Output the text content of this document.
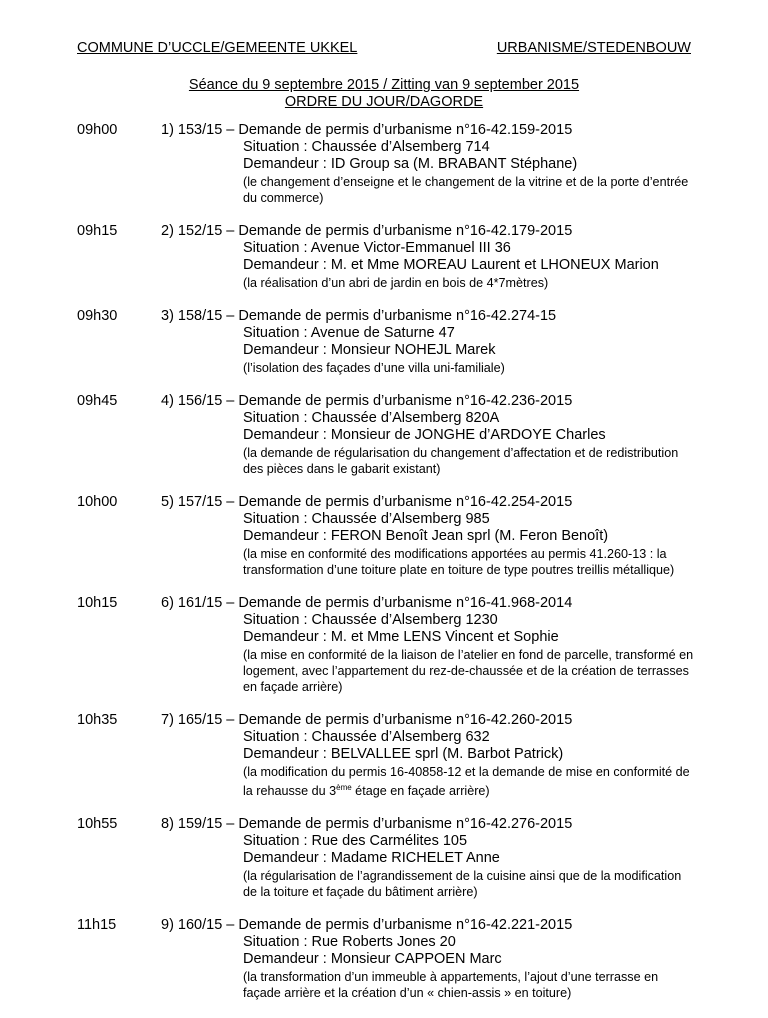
COMMUNE D’UCCLE/GEMEENTE UKKEL	URBANISME/STEDENBOUW
Séance du 9 septembre 2015 / Zitting van 9 september 2015
ORDRE DU JOUR/DAGORDE
09h00	1) 153/15 – Demande de permis d’urbanisme n°16-42.159-2015
Situation : Chaussée d’Alsemberg 714
Demandeur : ID Group sa (M. BRABANT Stéphane)
(le changement d’enseigne et le changement de la vitrine et de la porte d’entrée du commerce)
09h15	2) 152/15 – Demande de permis d’urbanisme n°16-42.179-2015
Situation : Avenue Victor-Emmanuel III 36
Demandeur : M. et Mme MOREAU Laurent et LHONEUX Marion
(la réalisation d’un abri de jardin en bois de 4*7mètres)
09h30	3) 158/15 – Demande de permis d’urbanisme n°16-42.274-15
Situation : Avenue de Saturne 47
Demandeur : Monsieur NOHEJL Marek
(l’isolation des façades d’une villa uni-familiale)
09h45	4) 156/15 – Demande de permis d’urbanisme n°16-42.236-2015
Situation : Chaussée d’Alsemberg 820A
Demandeur : Monsieur de JONGHE d’ARDOYE Charles
(la demande de régularisation du changement d’affectation et de redistribution des pièces dans le gabarit existant)
10h00	5) 157/15 – Demande de permis d’urbanisme n°16-42.254-2015
Situation : Chaussée d’Alsemberg 985
Demandeur : FERON Benoît Jean sprl (M. Feron Benoît)
(la mise en conformité des modifications apportées au permis 41.260-13 : la transformation d’une toiture plate en toiture de type poutres treillis métallique)
10h15	6) 161/15 – Demande de permis d’urbanisme n°16-41.968-2014
Situation : Chaussée d’Alsemberg 1230
Demandeur : M. et Mme LENS Vincent et Sophie
(la mise en conformité de la liaison de l’atelier en fond de parcelle, transformé en logement, avec l’appartement du rez-de-chaussée et de la création de terrasses en façade arrière)
10h35	7) 165/15 – Demande de permis d’urbanisme n°16-42.260-2015
Situation : Chaussée d’Alsemberg 632
Demandeur : BELVALLEE sprl (M. Barbot Patrick)
(la modification du permis 16-40858-12 et la demande de mise en conformité de la rehausse du 3ème étage en façade arrière)
10h55	8) 159/15 – Demande de permis d’urbanisme n°16-42.276-2015
Situation : Rue des Carmélites 105
Demandeur : Madame RICHELET Anne
(la régularisation de l’agrandissement de la cuisine ainsi que de la modification de la toiture et façade du bâtiment arrière)
11h15	9) 160/15 – Demande de permis d’urbanisme n°16-42.221-2015
Situation : Rue Roberts Jones 20
Demandeur : Monsieur CAPPOEN Marc
(la transformation d’un immeuble à appartements, l’ajout d’une terrasse en façade arrière et la création d’un « chien-assis » en toiture)
